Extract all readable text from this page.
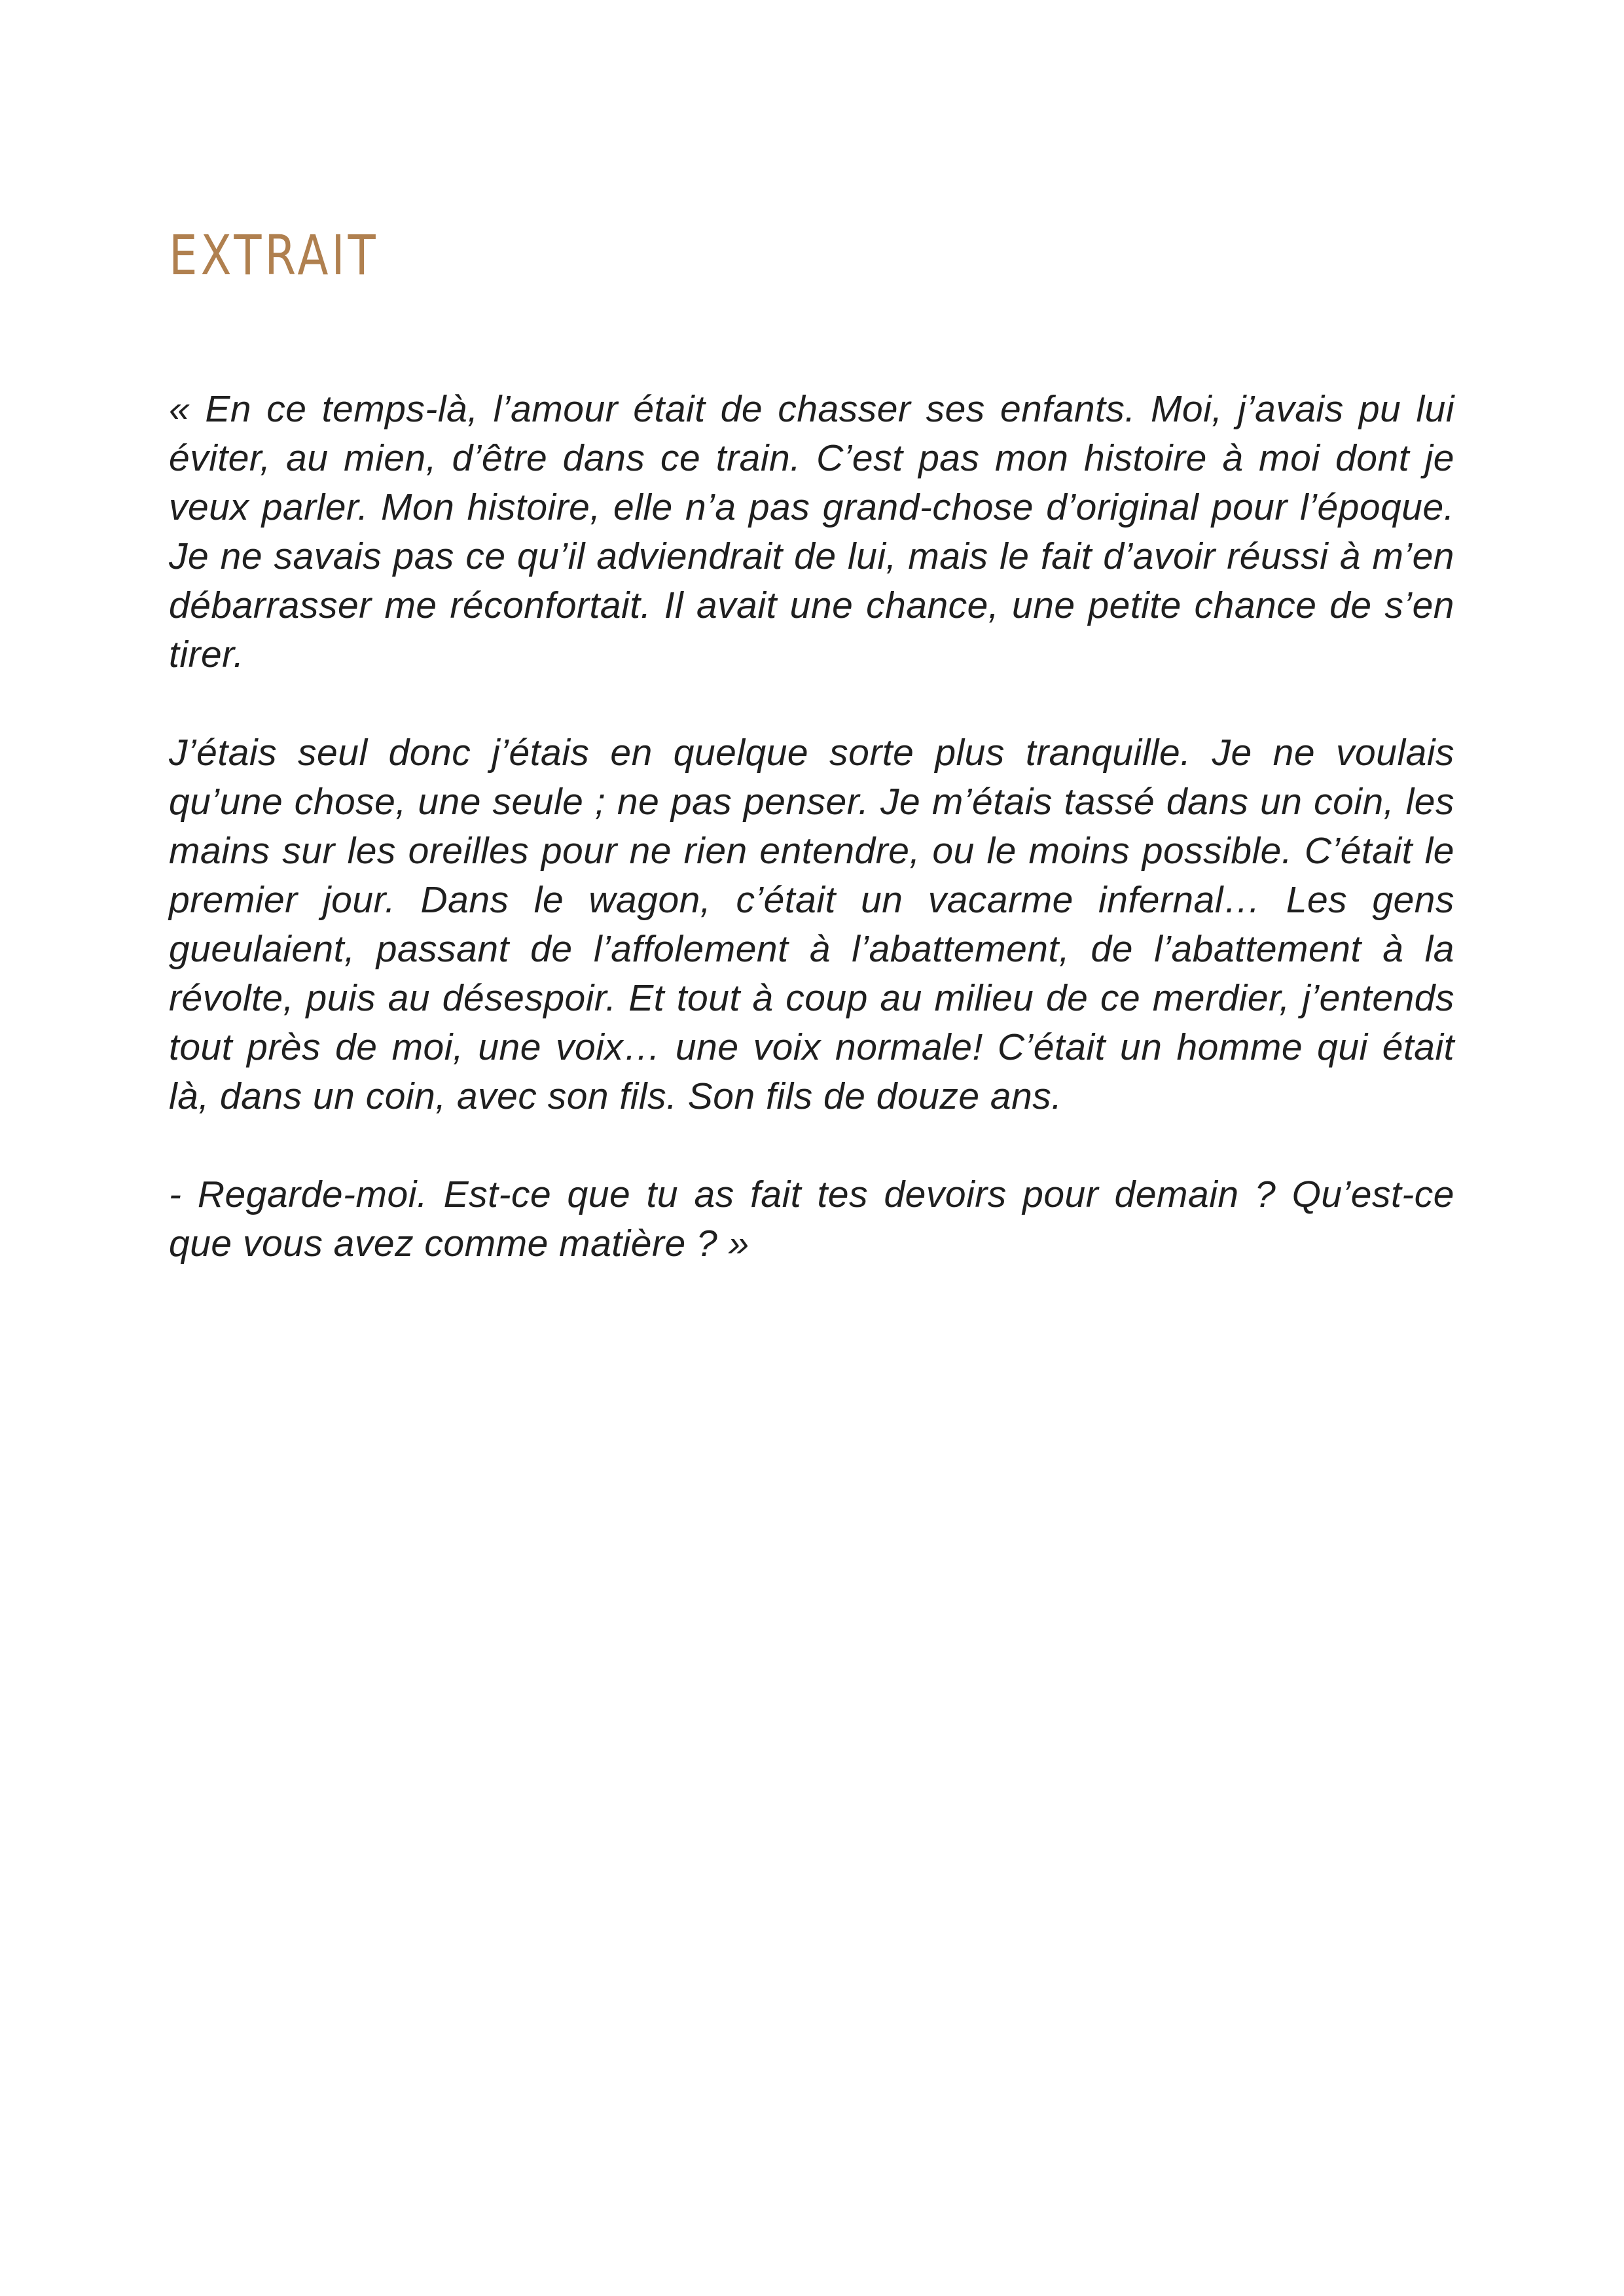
EXTRAIT

« En ce temps-là, l’amour était de chasser ses enfants. Moi, j’avais pu lui éviter, au mien, d’être dans ce train. C’est pas mon histoire à moi dont je veux parler. Mon histoire, elle n’a pas grand-chose d’original pour l’époque. Je ne savais pas ce qu’il adviendrait de lui, mais le fait d’avoir réussi à m’en débarrasser me réconfortait. Il avait une chance, une petite chance de s’en tirer.

J’étais seul donc j’étais en quelque sorte plus tranquille. Je ne voulais qu’une chose, une seule ; ne pas penser. Je m’étais tassé dans un coin, les mains sur les oreilles pour ne rien entendre, ou le moins possible. C’était le premier jour. Dans le wagon, c’était un vacarme infernal… Les gens gueulaient, passant de l’affolement à l’abattement, de l’abattement à la révolte, puis au désespoir. Et tout à coup au milieu de ce merdier, j’entends tout près de moi, une voix… une voix normale! C’était un homme qui était là, dans un coin, avec son fils. Son fils de douze ans.

- Regarde-moi. Est-ce que tu as fait tes devoirs pour demain ? Qu’est-ce que vous avez comme matière ? »
